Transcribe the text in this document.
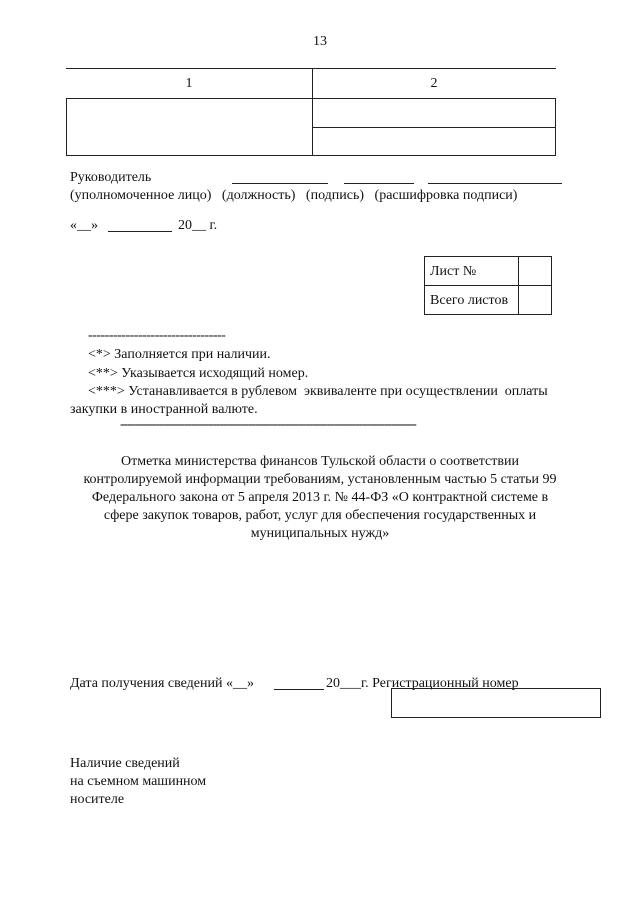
13
1	2
Руководитель
(уполномоченное лицо)   (должность)   (подпись)   (расшифровка подписи)
«__»	20__ г.
Лист №
Всего листов
---------------------------------
<*> Заполняется при наличии.
<**> Указывается исходящий номер.
<***> Устанавливается в рублевом  эквиваленте при осуществлении  оплаты
закупки в иностранной валюте.
-----------------------------------------------------------------------------------
Отметка министерства финансов Тульской области о соответствии
контролируемой информации требованиям, установленным частью 5 статьи 99
Федерального закона от 5 апреля 2013 г. № 44-ФЗ «О контрактной системе в
сфере закупок товаров, работ, услуг для обеспечения государственных и
муниципальных нужд»
Дата получения сведений «__»	20___г. Регистрационный номер
Наличие сведений
на съемном машинном
носителе
